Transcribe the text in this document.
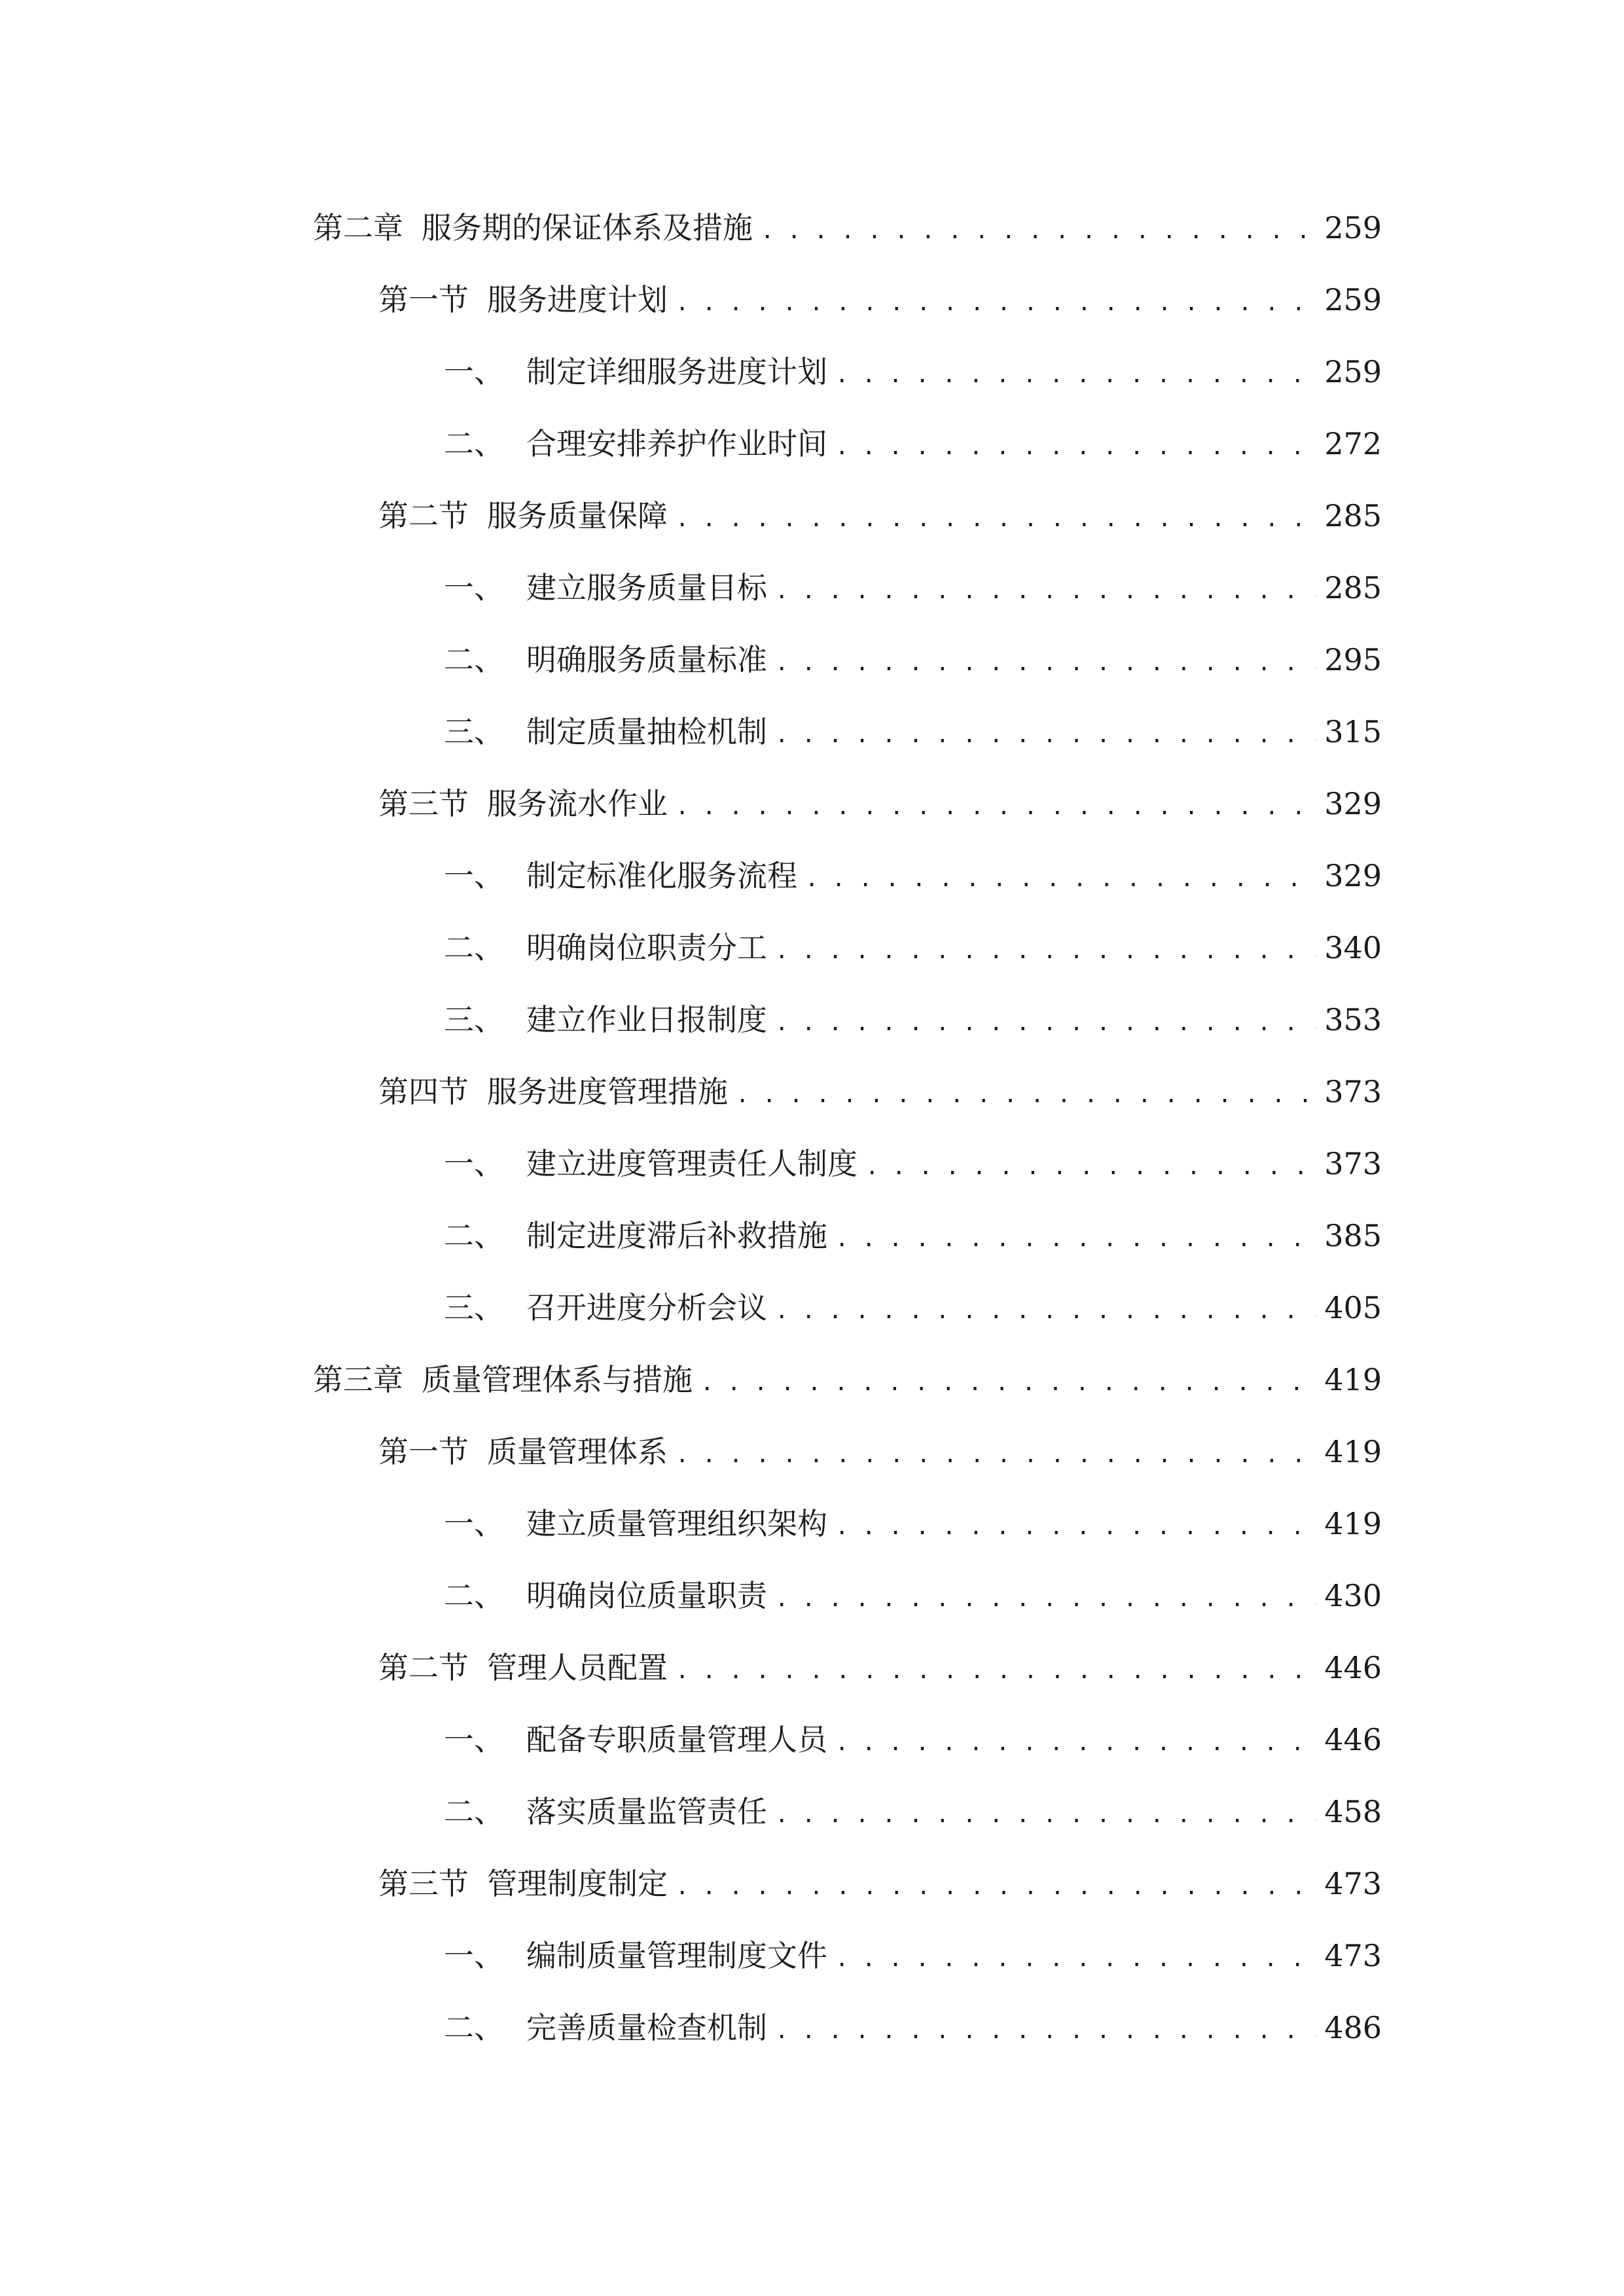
第二章 服务期的保证体系及措施 . . .	259
第一节 服务进度计划 . . .	259
一、 制定详细服务进度计划 . . .	259
二、 合理安排养护作业时间 . . .	272
第二节 服务质量保障 . . .	285
一、 建立服务质量目标 . . .	285
二、 明确服务质量标准 . . .	295
三、 制定质量抽检机制 . . .	315
第三节 服务流水作业 . . .	329
一、 制定标准化服务流程 . . .	329
二、 明确岗位职责分工 . . .	340
三、 建立作业日报制度 . . .	353
第四节 服务进度管理措施 . . .	373
一、 建立进度管理责任人制度 . . .	373
二、 制定进度滞后补救措施 . . .	385
三、 召开进度分析会议 . . .	405
第三章 质量管理体系与措施 . . .	419
第一节 质量管理体系 . . .	419
一、 建立质量管理组织架构 . . .	419
二、 明确岗位质量职责 . . .	430
第二节 管理人员配置 . . .	446
一、 配备专职质量管理人员 . . .	446
二、 落实质量监管责任 . . .	458
第三节 管理制度制定 . . .	473
一、 编制质量管理制度文件 . . .	473
二、 完善质量检查机制 . . .	486
